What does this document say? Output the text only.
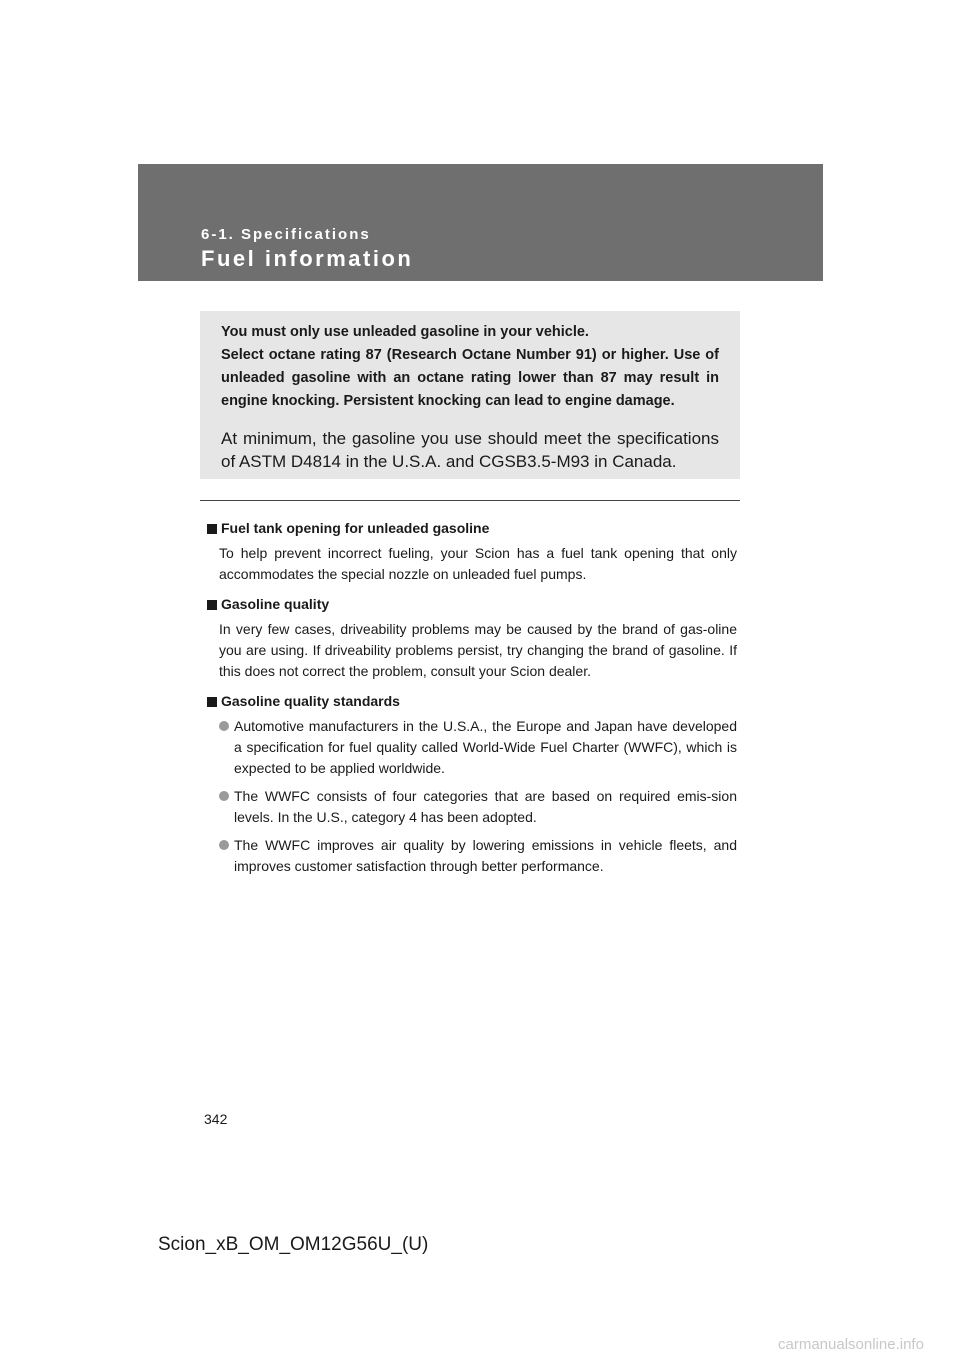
6-1. Specifications
Fuel information

You must only use unleaded gasoline in your vehicle.

Select octane rating 87 (Research Octane Number 91) or higher. Use of unleaded gasoline with an octane rating lower than 87 may result in engine knocking. Persistent knocking can lead to engine damage.

At minimum, the gasoline you use should meet the specifications of ASTM D4814 in the U.S.A. and CGSB3.5-M93 in Canada.

Fuel tank opening for unleaded gasoline

To help prevent incorrect fueling, your Scion has a fuel tank opening that only accommodates the special nozzle on unleaded fuel pumps.

Gasoline quality

In very few cases, driveability problems may be caused by the brand of gas-oline you are using. If driveability problems persist, try changing the brand of gasoline. If this does not correct the problem, consult your Scion dealer.

Gasoline quality standards

Automotive manufacturers in the U.S.A., the Europe and Japan have developed a specification for fuel quality called World-Wide Fuel Charter (WWFC), which is expected to be applied worldwide.
The WWFC consists of four categories that are based on required emis-sion levels. In the U.S., category 4 has been adopted.
The WWFC improves air quality by lowering emissions in vehicle fleets, and improves customer satisfaction through better performance.
342
Scion_xB_OM_OM12G56U_(U)
carmanualsonline.info
